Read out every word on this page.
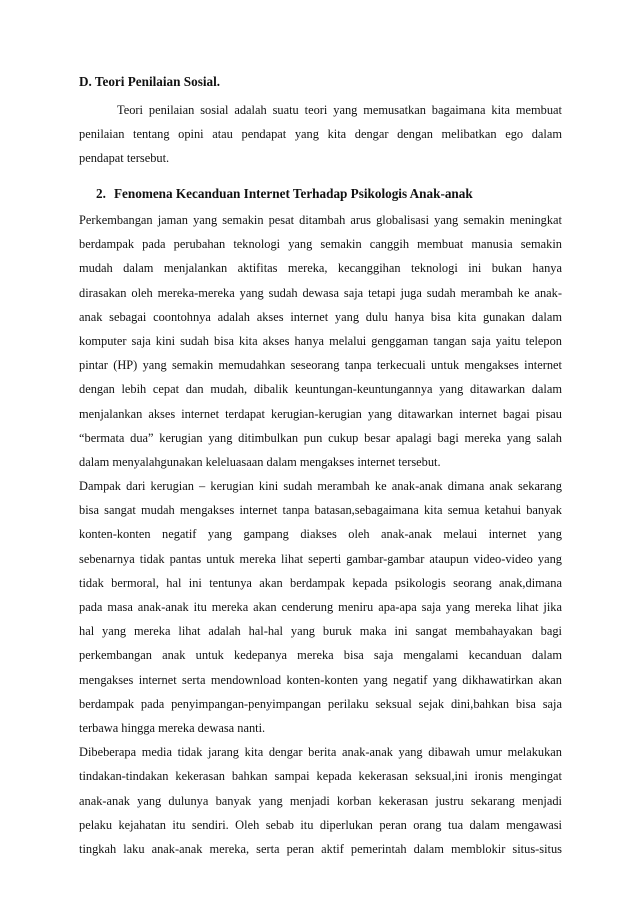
D. Teori Penilaian Sosial.
Teori penilaian sosial adalah suatu teori yang memusatkan bagaimana kita membuat
penilaian tentang opini atau pendapat yang kita dengar dengan melibatkan ego dalam
pendapat tersebut.
2. Fenomena Kecanduan Internet Terhadap Psikologis Anak-anak
Perkembangan jaman yang semakin pesat ditambah arus globalisasi yang semakin meningkat
berdampak pada perubahan teknologi yang semakin canggih membuat manusia semakin
mudah dalam menjalankan aktifitas mereka, kecanggihan teknologi ini bukan hanya
dirasakan oleh mereka-mereka yang sudah dewasa saja tetapi juga sudah merambah ke anak-
anak sebagai coontohnya adalah akses internet yang dulu hanya bisa kita gunakan dalam
komputer saja kini sudah bisa kita akses hanya melalui genggaman tangan saja yaitu telepon
pintar (HP) yang semakin memudahkan seseorang tanpa terkecuali untuk mengakses internet
dengan lebih cepat dan mudah, dibalik keuntungan-keuntungannya yang ditawarkan dalam
menjalankan akses internet terdapat kerugian-kerugian yang ditawarkan internet bagai pisau
“bermata dua” kerugian yang ditimbulkan pun cukup besar apalagi bagi mereka yang salah
dalam menyalahgunakan keleluasaan dalam mengakses internet tersebut.
Dampak dari kerugian – kerugian kini sudah merambah ke anak-anak dimana anak sekarang
bisa sangat mudah mengakses internet tanpa batasan,sebagaimana kita semua ketahui banyak
konten-konten negatif yang gampang diakses oleh anak-anak melaui internet yang
sebenarnya tidak pantas untuk mereka lihat seperti gambar-gambar ataupun video-video yang
tidak bermoral, hal ini tentunya akan berdampak kepada psikologis seorang anak,dimana
pada masa anak-anak itu mereka akan cenderung meniru apa-apa saja yang mereka lihat jika
hal yang mereka lihat adalah hal-hal yang buruk maka ini sangat membahayakan bagi
perkembangan anak untuk kedepanya mereka bisa saja mengalami kecanduan dalam
mengakses internet serta mendownload konten-konten yang negatif yang dikhawatirkan akan
berdampak pada penyimpangan-penyimpangan perilaku seksual sejak dini,bahkan bisa saja
terbawa hingga mereka dewasa nanti.
Dibeberapa media tidak jarang kita dengar berita anak-anak yang dibawah umur melakukan
tindakan-tindakan kekerasan bahkan sampai kepada kekerasan seksual,ini ironis mengingat
anak-anak yang dulunya banyak yang menjadi korban kekerasan justru sekarang menjadi
pelaku kejahatan itu sendiri. Oleh sebab itu diperlukan peran orang tua dalam mengawasi
tingkah laku anak-anak mereka, serta peran aktif pemerintah dalam memblokir situs-situs
